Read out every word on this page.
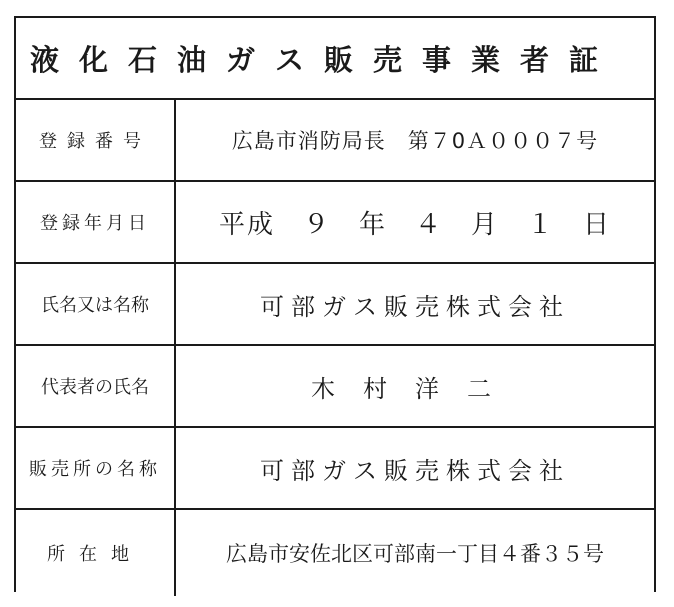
液化石油ガス販売事業者証
登録番号	広島市消防局長　第７0Ａ０００７号
登録年月日	平成　９　年　４　月　１　日
氏名又は名称	可部ガス販売株式会社
代表者の氏名	木村洋二
販売所の名称	可部ガス販売株式会社
所在地	広島市安佐北区可部南一丁目４番３５号
